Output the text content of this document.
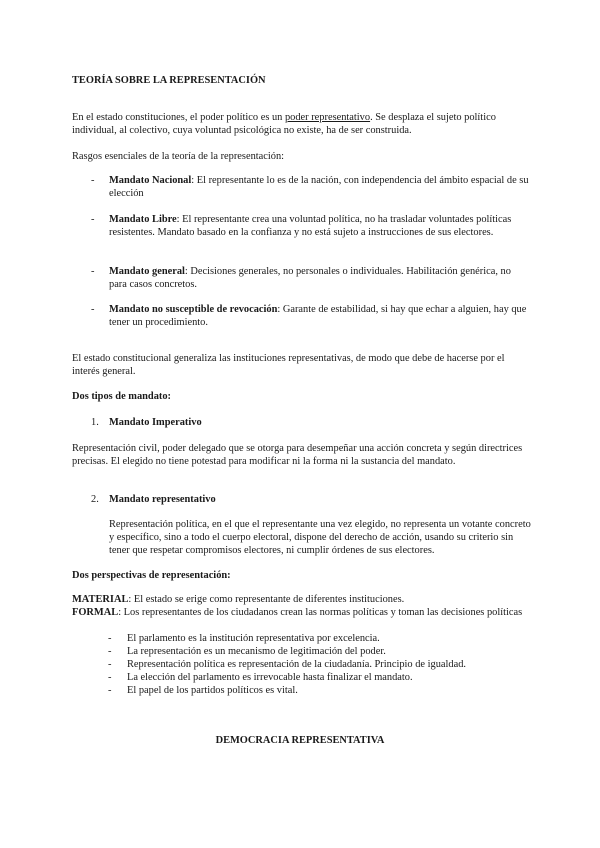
TEORÍA SOBRE LA REPRESENTACIÓN
En el estado constituciones, el poder político es un poder representativo. Se desplaza el sujeto político individual, al colectivo, cuya voluntad psicológica no existe, ha de ser construida.
Rasgos esenciales de la teoría de la representación:
- Mandato Nacional: El representante lo es de la nación, con independencia del ámbito espacial de su elección
- Mandato Libre: El representante crea una voluntad política, no ha trasladar voluntades políticas resistentes. Mandato basado en la confianza y no está sujeto a instrucciones de sus electores.
- Mandato general: Decisiones generales, no personales o individuales. Habilitación genérica, no para casos concretos.
- Mandato no susceptible de revocación: Garante de estabilidad, si hay que echar a alguien, hay que tener un procedimiento.
El estado constitucional generaliza las instituciones representativas, de modo que debe de hacerse por el interés general.
Dos tipos de mandato:
1. Mandato Imperativo
Representación civil, poder delegado que se otorga para desempeñar una acción concreta y según directrices precisas. El elegido no tiene potestad para modificar ni la forma ni la sustancia del mandato.
2. Mandato representativo
Representación política, en el que el representante una vez elegido, no representa un votante concreto y específico, sino a todo el cuerpo electoral, dispone del derecho de acción, usando su criterio sin tener que respetar compromisos electores, ni cumplir órdenes de sus electores.
Dos perspectivas de representación:
MATERIAL: El estado se erige como representante de diferentes instituciones.
FORMAL: Los representantes de los ciudadanos crean las normas políticas y toman las decisiones políticas
- El parlamento es la institución representativa por excelencia.
- La representación es un mecanismo de legitimación del poder.
- Representación política es representación de la ciudadanía. Principio de igualdad.
- La elección del parlamento es irrevocable hasta finalizar el mandato.
- El papel de los partidos políticos es vital.
DEMOCRACIA REPRESENTATIVA
